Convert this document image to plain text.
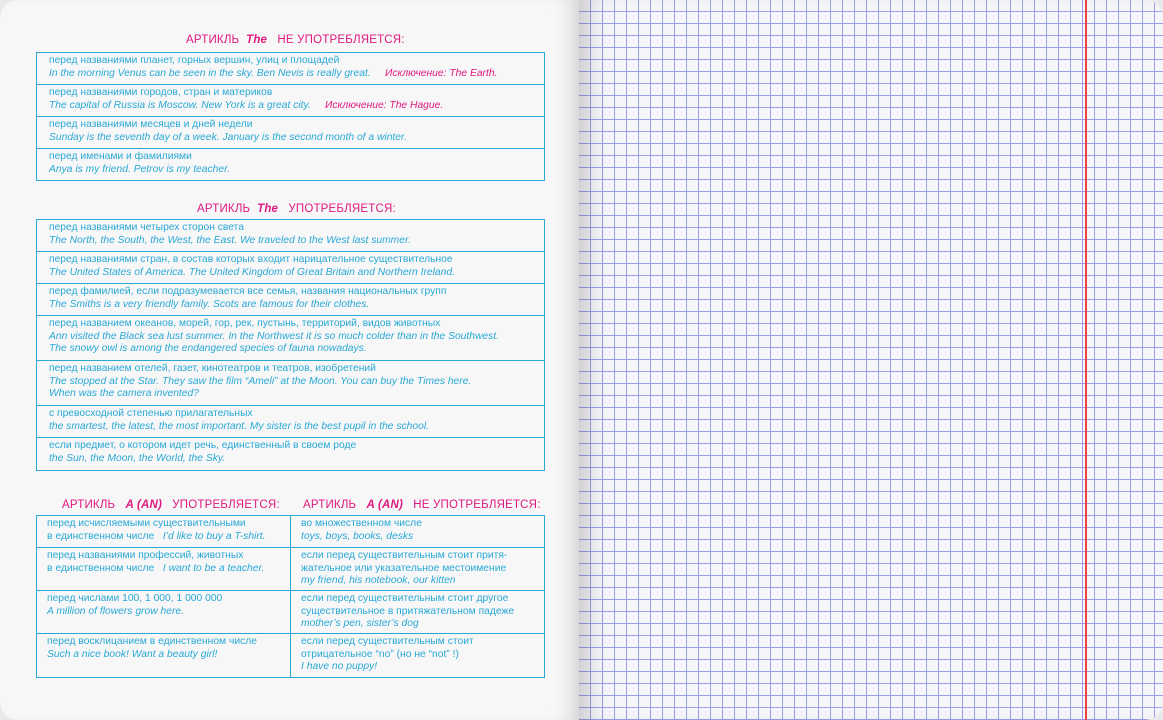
АРТИКЛЬ The НЕ УПОТРЕБЛЯЕТСЯ:
перед названиями планет, горных вершин, улиц и площадей
In the morning Venus can be seen in the sky. Ben Nevis is really great. Исключение: The Earth.
перед названиями городов, стран и материков
The capital of Russia is Moscow. New York is a great city. Исключение: The Hague.
перед названиями месяцев и дней недели
Sunday is the seventh day of a week. January is the second month of a winter.
перед именами и фамилиями
Anya is my friend. Petrov is my teacher.
АРТИКЛЬ The УПОТРЕБЛЯЕТСЯ:
перед названиями четырех сторон света
The North, the South, the West, the East. We traveled to the West last summer.
перед названиями стран, в состав которых входит нарицательное существительное
The United States of America. The United Kingdom of Great Britain and Northern Ireland.
перед фамилией, если подразумевается все семья, названия национальных групп
The Smiths is a very friendly family. Scots are famous for their clothes.
перед названием океанов, морей, гор, рек, пустынь, территорий, видов животных
Ann visited the Black sea lust summer. In the Northwest it is so much colder than in the Southwest.
The snowy owl is among the endangered species of fauna nowadays.
перед названием отелей, газет, кинотеатров и театров, изобретений
The stopped at the Star. They saw the film “Ameli” at the Moon. You can buy the Times here.
When was the camera invented?
с превосходной степенью прилагательных
the smartest, the latest, the most important. My sister is the best pupil in the school.
если предмет, о котором идет речь, единственный в своем роде
the Sun, the Moon, the World, the Sky.
АРТИКЛЬ A (AN) УПОТРЕБЛЯЕТСЯ: АРТИКЛЬ A (AN) НЕ УПОТРЕБЛЯЕТСЯ:
перед исчисляемыми существительными
в единственном числе I’d like to buy a T-shirt.
во множественном числе
toys, boys, books, desks
перед названиями профессий, животных
в единственном числе I want to be a teacher.
если перед существительным стоит притя-
жательное или указательное местоимение
my friend, his notebook, our kitten
перед числами 100, 1 000, 1 000 000
A million of flowers grow here.
если перед существительным стоит другое
существительное в притяжательном падеже
mother’s pen, sister’s dog
перед восклицанием в единственном числе
Such a nice book! Want a beauty girl!
если перед существительным стоит
отрицательное “no” (но не “not” !)
I have no puppy!
